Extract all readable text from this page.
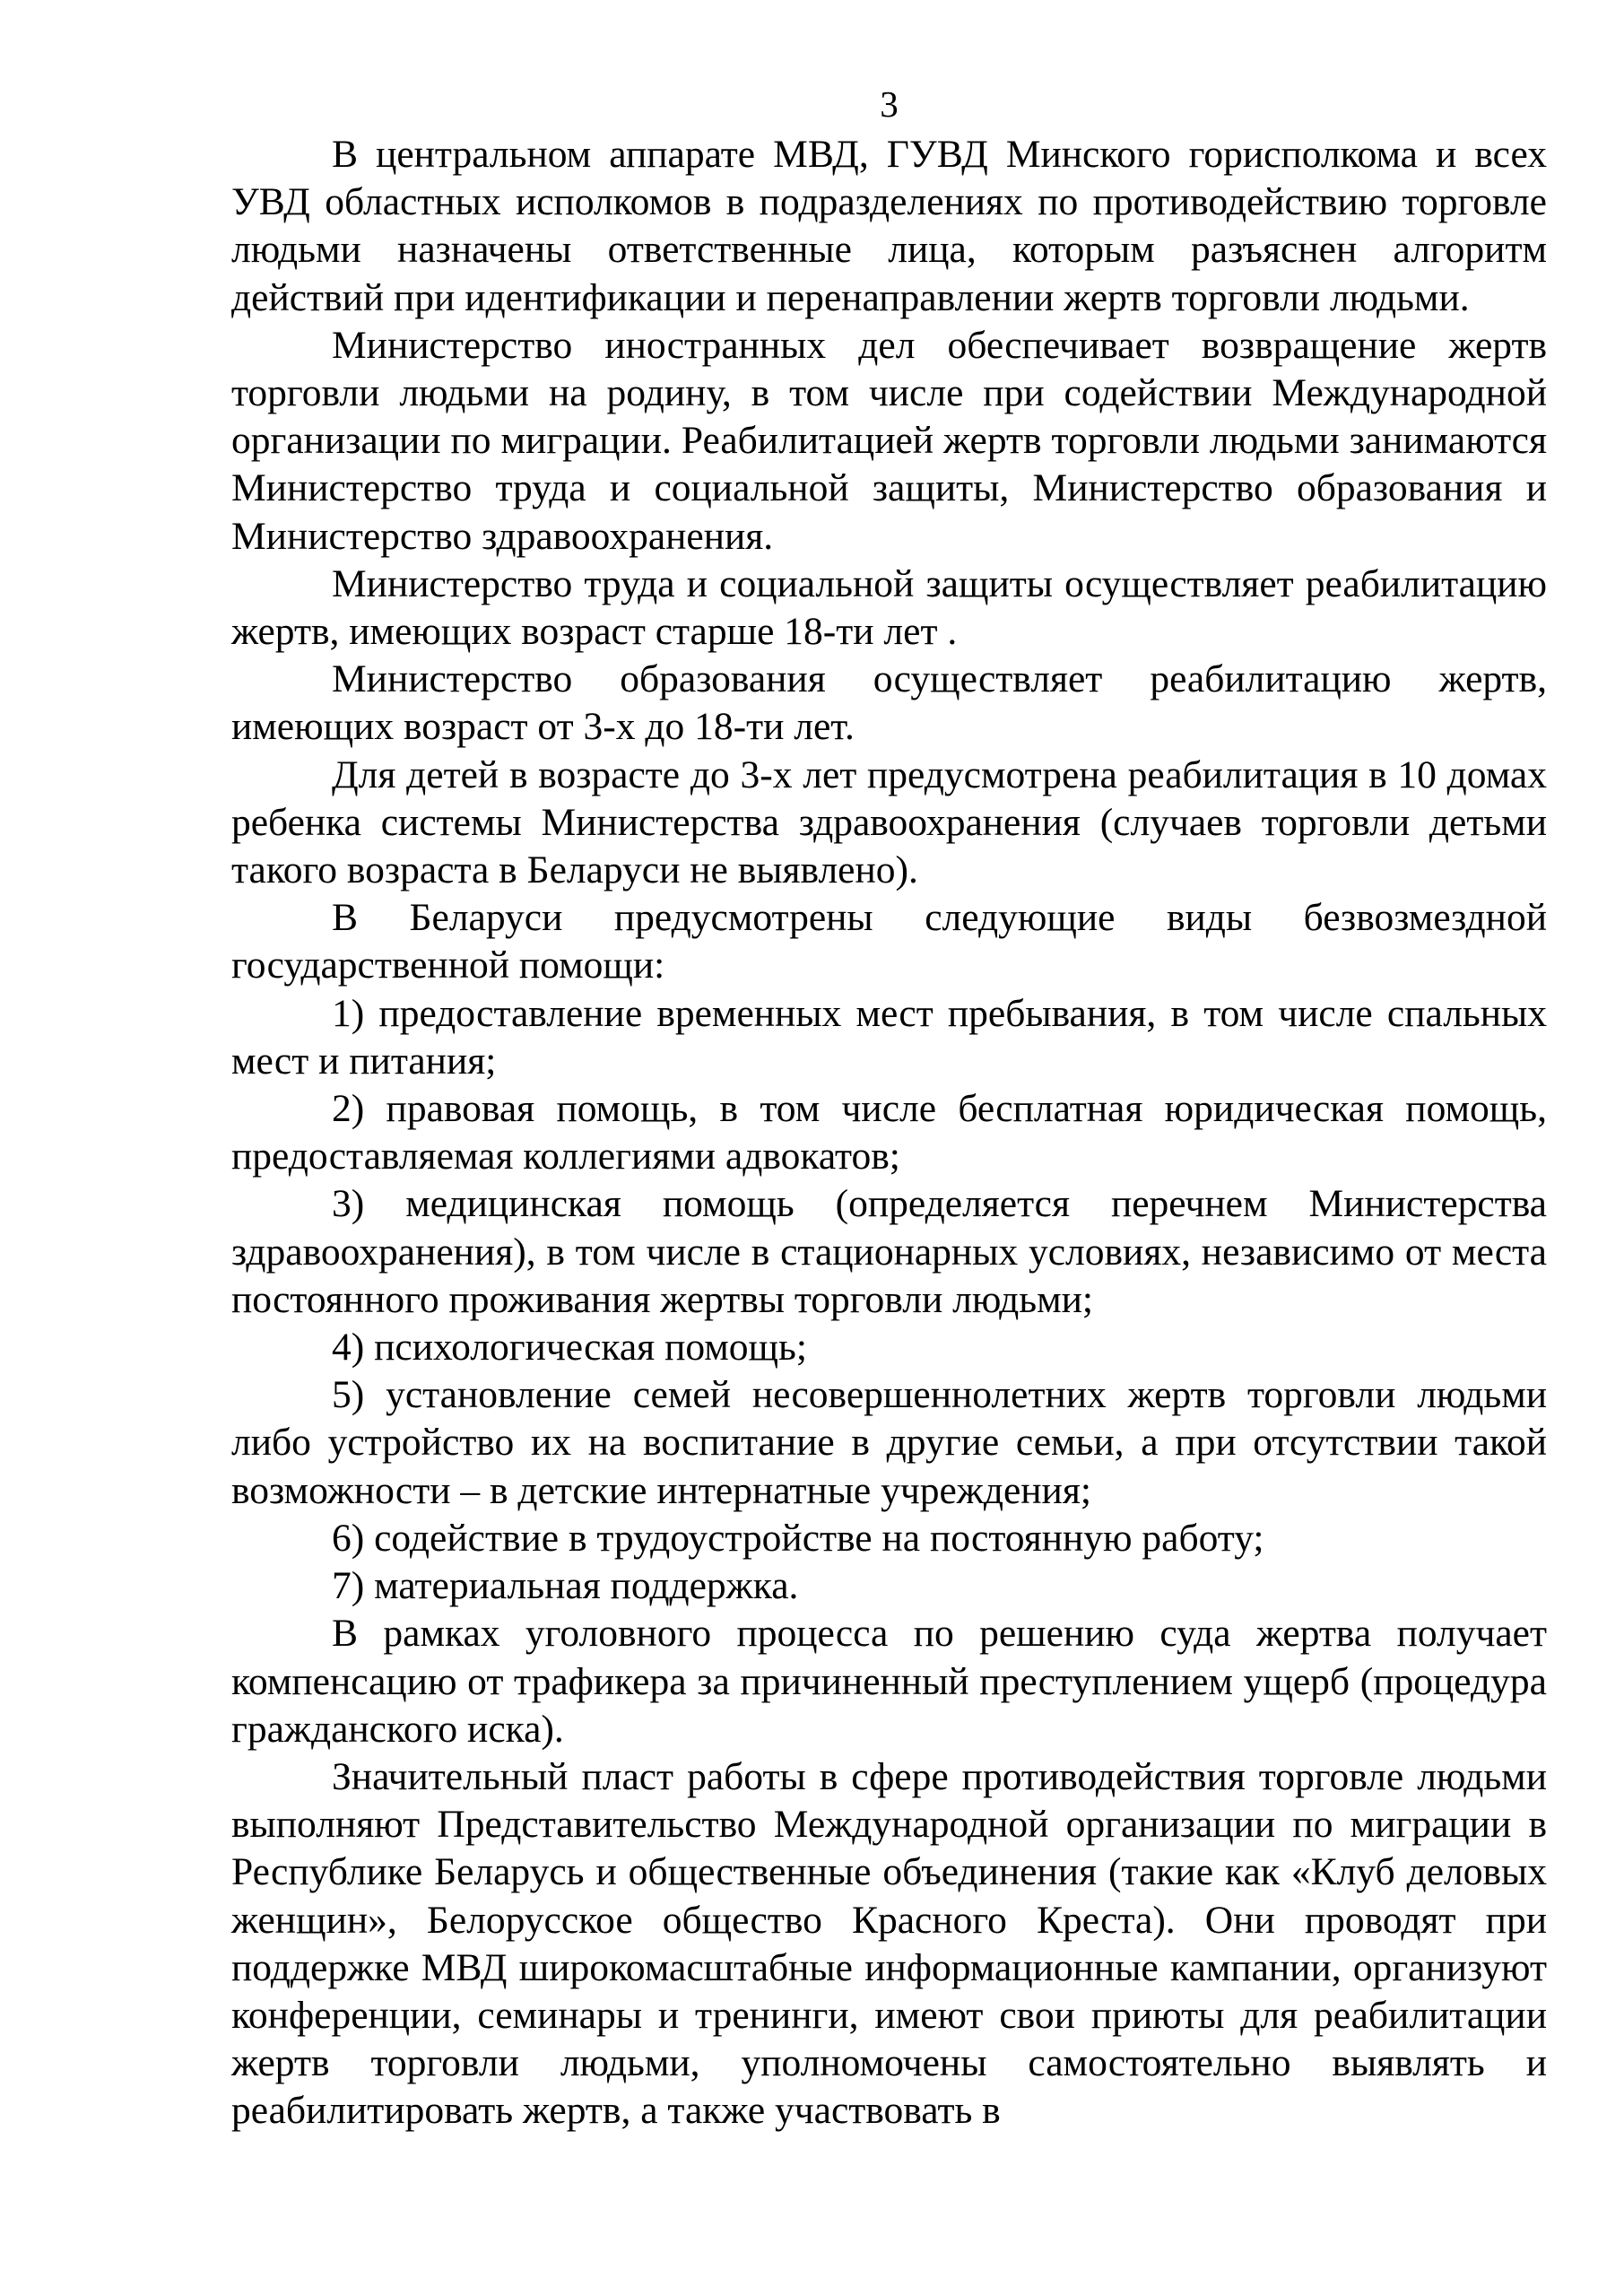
3

В центральном аппарате МВД, ГУВД Минского горисполкома и всех УВД областных исполкомов в подразделениях по противодействию торговле людьми назначены ответственные лица, которым разъяснен алгоритм действий при идентификации и перенаправлении жертв торговли людьми.

Министерство иностранных дел обеспечивает возвращение жертв торговли людьми на родину, в том числе при содействии Международной организации по миграции. Реабилитацией жертв торговли людьми занимаются Министерство труда и социальной защиты, Министерство образования и Министерство здравоохранения.

Министерство труда и социальной защиты осуществляет реабилитацию жертв, имеющих возраст старше 18-ти лет .

Министерство образования осуществляет реабилитацию жертв, имеющих возраст от 3-х до 18-ти лет.

Для детей в возрасте до 3-х лет предусмотрена реабилитация в 10 домах ребенка системы Министерства здравоохранения (случаев торговли детьми такого возраста в Беларуси не выявлено).

В Беларуси предусмотрены следующие виды безвозмездной государственной помощи:

1) предоставление временных мест пребывания, в том числе спальных мест и питания;

2) правовая помощь, в том числе бесплатная юридическая помощь, предоставляемая коллегиями адвокатов;

3) медицинская помощь (определяется перечнем Министерства здравоохранения), в том числе в стационарных условиях, независимо от места постоянного проживания жертвы торговли людьми;

4) психологическая помощь;

5) установление семей несовершеннолетних жертв торговли людьми либо устройство их на воспитание в другие семьи, а при отсутствии такой возможности – в детские интернатные учреждения;

6) содействие в трудоустройстве на постоянную работу;

7) материальная поддержка.

В рамках уголовного процесса по решению суда жертва получает компенсацию от трафикера за причиненный преступлением ущерб (процедура гражданского иска).

Значительный пласт работы в сфере противодействия торговле людьми выполняют Представительство Международной организации по миграции в Республике Беларусь и общественные объединения (такие как «Клуб деловых женщин», Белорусское общество Красного Креста). Они проводят при поддержке МВД широкомасштабные информационные кампании, организуют конференции, семинары и тренинги, имеют свои приюты для реабилитации жертв торговли людьми, уполномочены самостоятельно выявлять и реабилитировать жертв, а также участвовать в
